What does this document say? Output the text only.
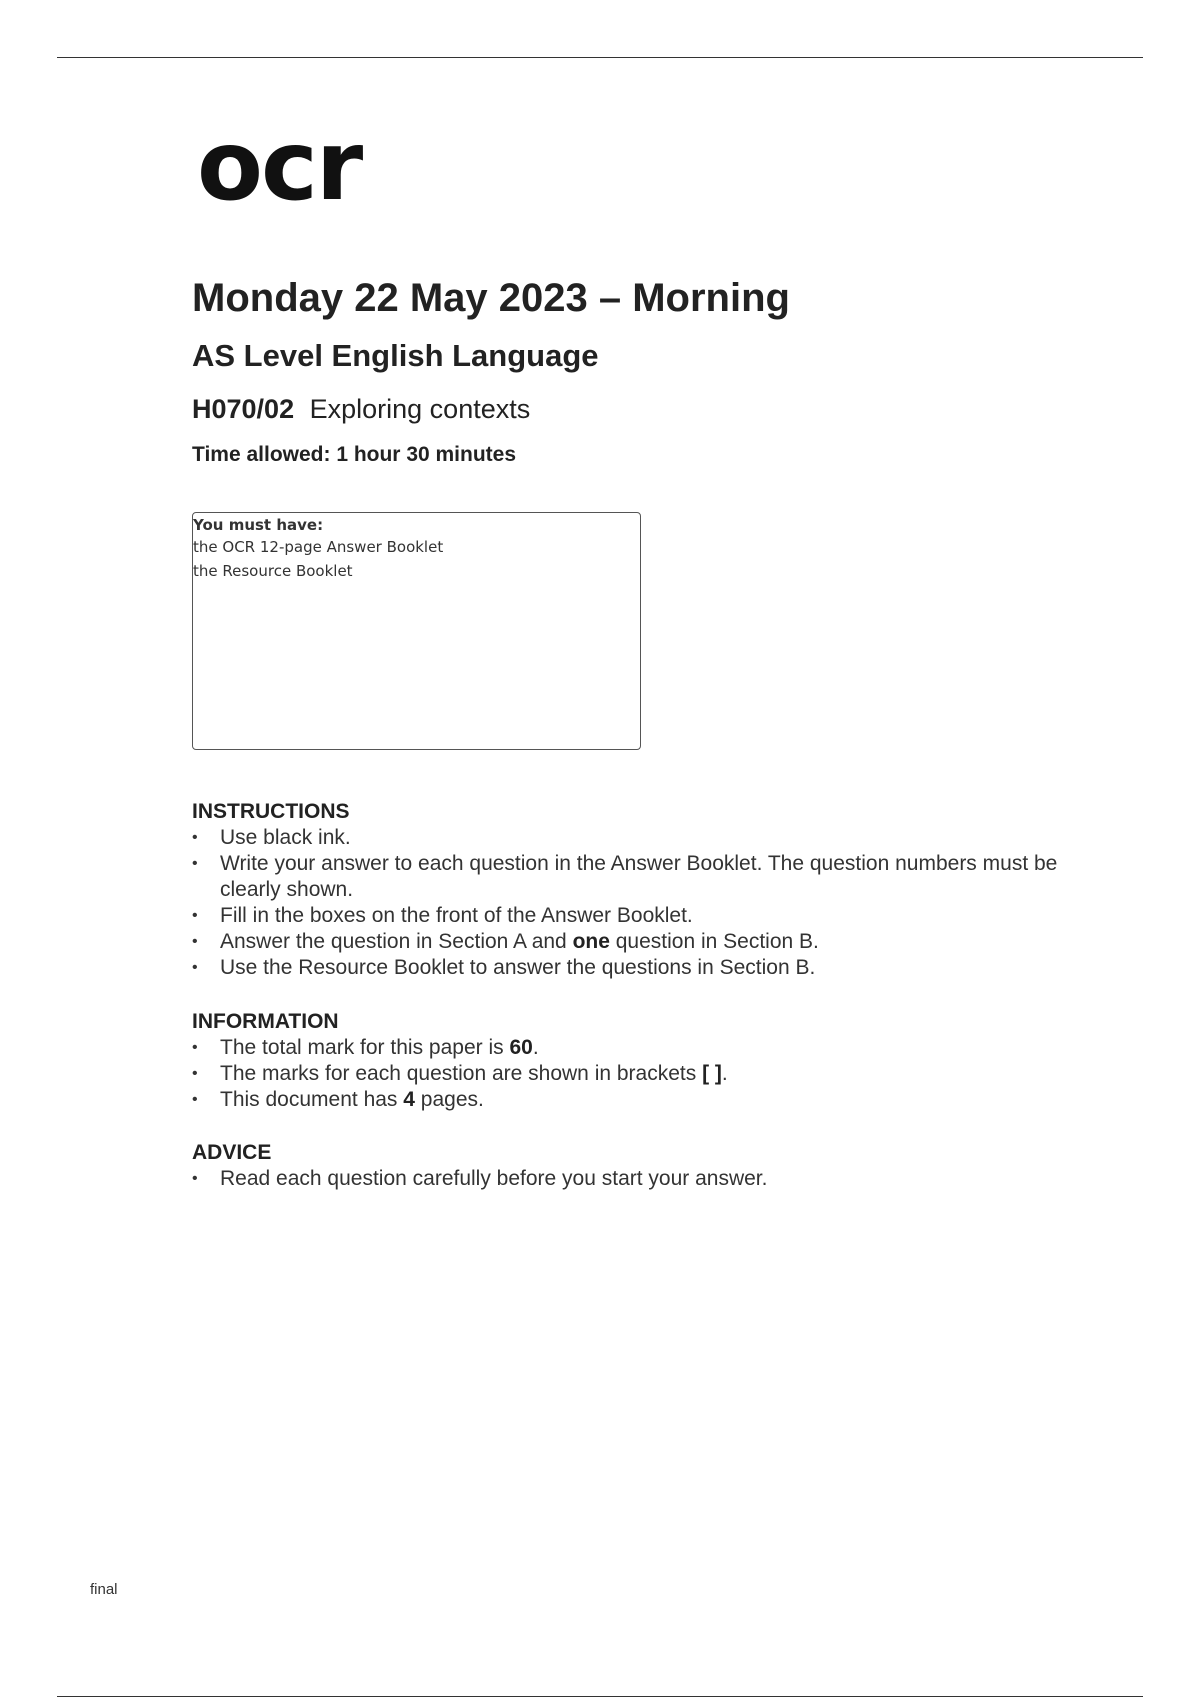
ocr
Monday 22 May 2023 – Morning
AS Level English Language
H070/02 Exploring contexts
Time allowed: 1 hour 30 minutes
You must have:
the OCR 12-page Answer Booklet
the Resource Booklet
INSTRUCTIONS
• Use black ink.
• Write your answer to each question in the Answer Booklet. The question numbers must be clearly shown.
• Fill in the boxes on the front of the Answer Booklet.
• Answer the question in Section A and one question in Section B.
• Use the Resource Booklet to answer the questions in Section B.
INFORMATION
• The total mark for this paper is 60.
• The marks for each question are shown in brackets [ ].
• This document has 4 pages.
ADVICE
• Read each question carefully before you start your answer.
final
